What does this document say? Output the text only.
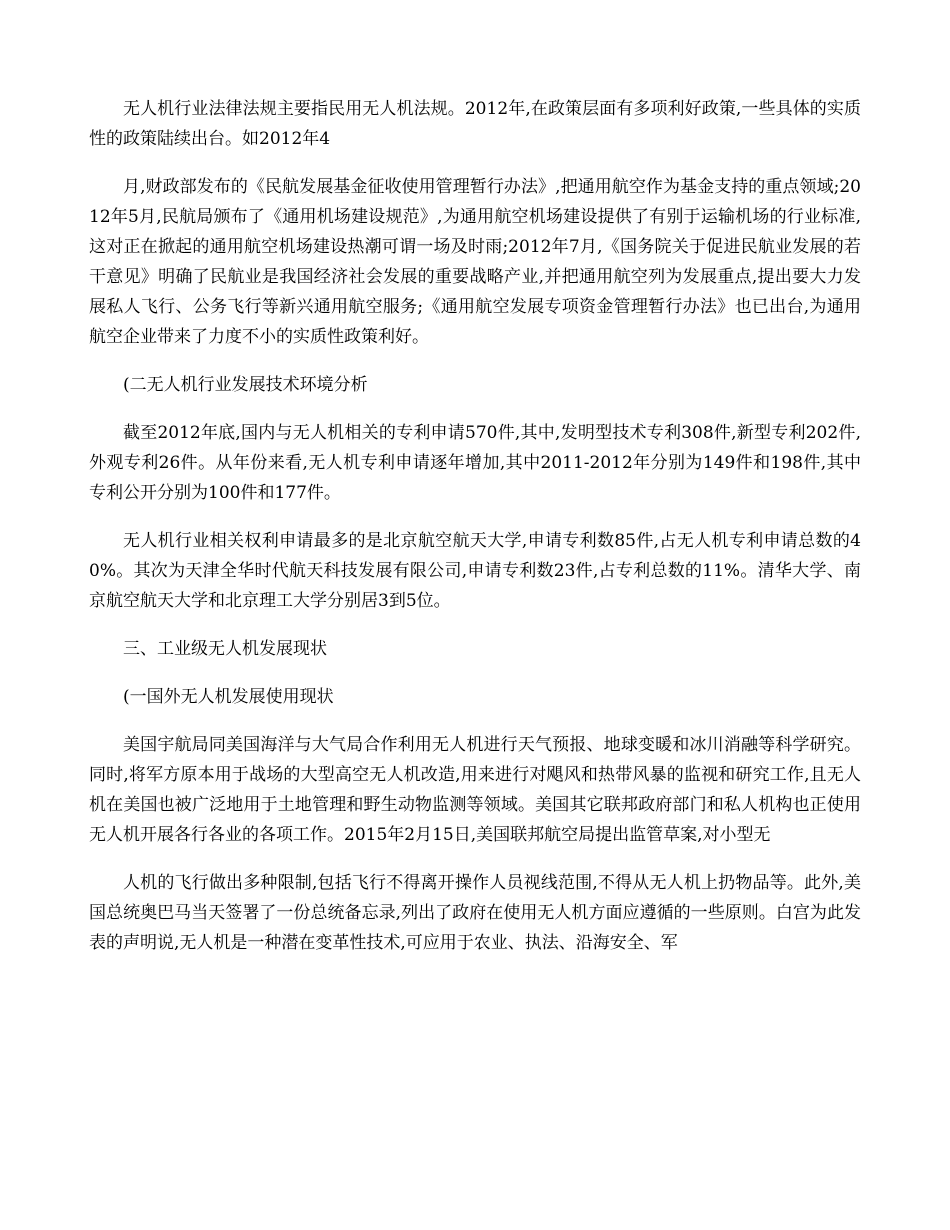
无人机行业法律法规主要指民用无人机法规。2012年,在政策层面有多项利好政策,一些具体的实质性的政策陆续出台。如2012年4

月,财政部发布的《民航发展基金征收使用管理暂行办法》,把通用航空作为基金支持的重点领域;2012年5月,民航局颁布了《通用机场建设规范》,为通用航空机场建设提供了有别于运输机场的行业标准,这对正在掀起的通用航空机场建设热潮可谓一场及时雨;2012年7月,《国务院关于促进民航业发展的若干意见》明确了民航业是我国经济社会发展的重要战略产业,并把通用航空列为发展重点,提出要大力发展私人飞行、公务飞行等新兴通用航空服务;《通用航空发展专项资金管理暂行办法》也已出台,为通用航空企业带来了力度不小的实质性政策利好。

(二无人机行业发展技术环境分析

截至2012年底,国内与无人机相关的专利申请570件,其中,发明型技术专利308件,新型专利202件,外观专利26件。从年份来看,无人机专利申请逐年增加,其中2011-2012年分别为149件和198件,其中专利公开分别为100件和177件。

无人机行业相关权利申请最多的是北京航空航天大学,申请专利数85件,占无人机专利申请总数的40%。其次为天津全华时代航天科技发展有限公司,申请专利数23件,占专利总数的11%。清华大学、南京航空航天大学和北京理工大学分别居3到5位。

三、工业级无人机发展现状

(一国外无人机发展使用现状

美国宇航局同美国海洋与大气局合作利用无人机进行天气预报、地球变暖和冰川消融等科学研究。同时,将军方原本用于战场的大型高空无人机改造,用来进行对飓风和热带风暴的监视和研究工作,且无人机在美国也被广泛地用于土地管理和野生动物监测等领域。美国其它联邦政府部门和私人机构也正使用无人机开展各行各业的各项工作。2015年2月15日,美国联邦航空局提出监管草案,对小型无

人机的飞行做出多种限制,包括飞行不得离开操作人员视线范围,不得从无人机上扔物品等。此外,美国总统奥巴马当天签署了一份总统备忘录,列出了政府在使用无人机方面应遵循的一些原则。白宫为此发表的声明说,无人机是一种潜在变革性技术,可应用于农业、执法、沿海安全、军
